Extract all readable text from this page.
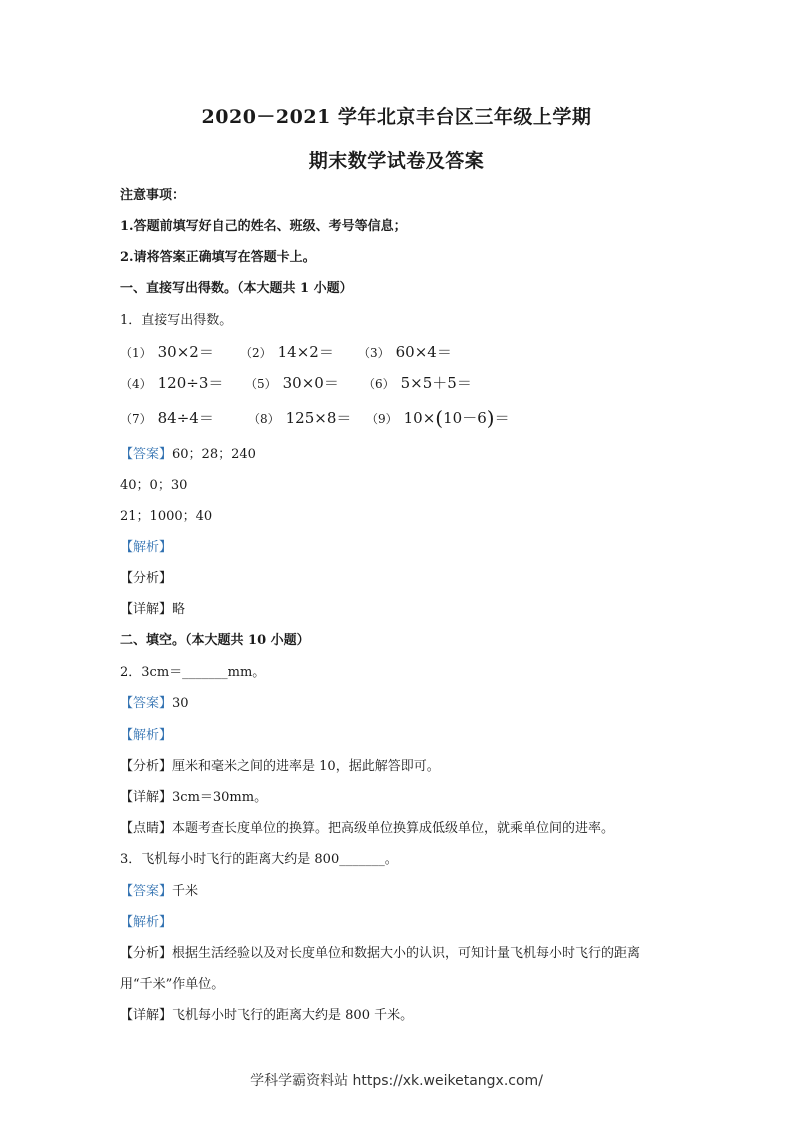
2020－2021 学年北京丰台区三年级上学期
期末数学试卷及答案
注意事项：
1.答题前填写好自己的姓名、班级、考号等信息；
2.请将答案正确填写在答题卡上。
一、直接写出得数。（本大题共 1 小题）
1．直接写出得数。
（1） 30×2＝ （2） 14×2＝ （3） 60×4＝
（4） 120÷3＝ （5） 30×0＝ （6） 5×5＋5＝
（7） 84÷4＝	（8） 125×8＝ （9） 10×(10－6)＝
【答案】60；28；240
40；0；30
21；1000；40
【解析】
【分析】
【详解】略
二、填空。（本大题共 10 小题）
2．3cm＝_______mm。
【答案】30
【解析】
【分析】厘米和毫米之间的进率是 10，据此解答即可。
【详解】3cm＝30mm。
【点睛】本题考查长度单位的换算。把高级单位换算成低级单位，就乘单位间的进率。
3．飞机每小时飞行的距离大约是 800_______。
【答案】千米
【解析】
【分析】根据生活经验以及对长度单位和数据大小的认识，可知计量飞机每小时飞行的距离
用“千米”作单位。
【详解】飞机每小时飞行的距离大约是 800 千米。
学科学霸资料站 https://xk.weiketangx.com/
